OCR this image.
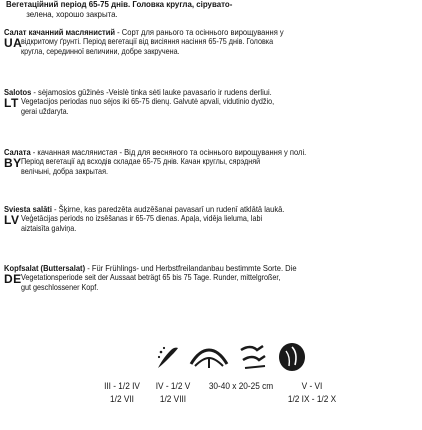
Вегетаційний період 65-75 днів. Головка кругла, сірувато-
зелена, хорошо закрыта.
UA
Салат качанний маслянистий - Сорт для ранього та осіннього вирощування у
відкритому ґрунті. Період вегетації від висіяння насіння 65-75 днів. Головка
кругла, серединної величини, добре закручена.
LT
Salotos - sėjamosios gūžinės -Veislė tinka sėti lauke pavasario ir rudens derliui.
Vegetacijos periodas nuo sėjos iki 65-75 dienų. Galvutė apvali, vidutinio dydžio,
gerai uždaryta.
BY
Салата - качанная маслянистая - Від для весняного та осіннього вирощування у полі.
Період вегетації ад всходів складае 65-75 днів. Качан круглы, сярэдняй
велічыні, добра закрытая.
LV
Sviesta salāti - Šķirne, kas paredzēta audzēšanai pavasarī un rudenī atklātā laukā.
Veģetācijas periods no izsēšanas ir 65-75 dienas. Apaļa, vidēja lieluma, labi
aiztaisīta galviņa.
DE
Kopfsalat (Buttersalat) - Für Frühlings- und Herbstfreilandanbau bestimmte Sorte. Die
Vegetationsperiode seit der Aussaat beträgt 65 bis 75 Tage. Runder, mittelgroßer,
gut geschlossener Kopf.
III - 1/2 IV
1/2 VII
IV - 1/2 V
1/2 VIII
30-40 x 20-25 cm	V - VI
1/2 IX - 1/2 X
